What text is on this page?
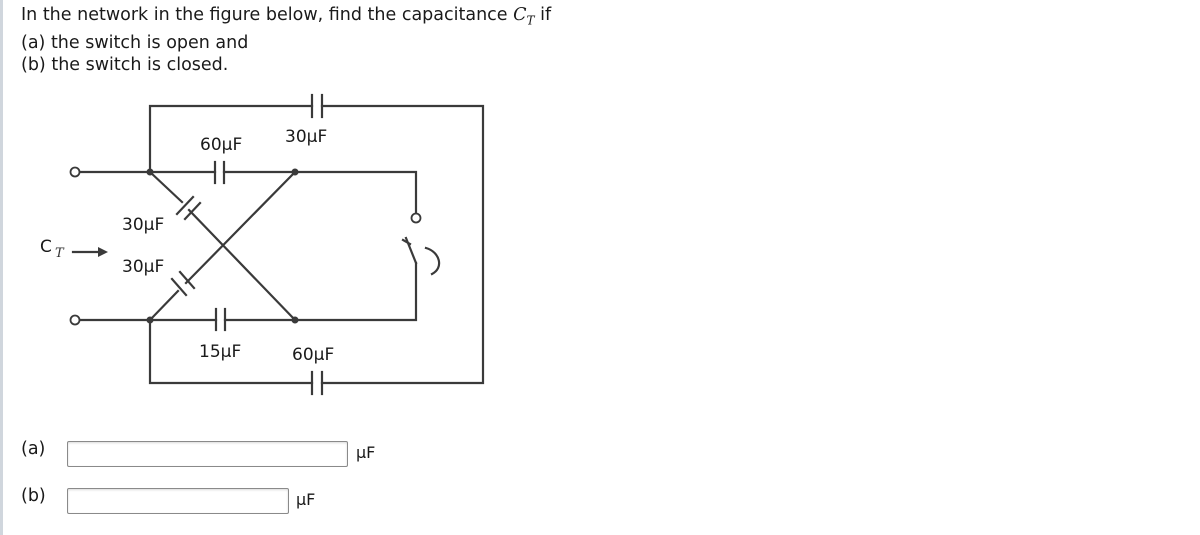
In the network in the figure below, find the capacitance $C_T$ if
(a) the switch is open and
(b) the switch is closed.
C T
60μF	30μF
30μF
30μF
15μF	60μF
(a)	μF
(b)	μF
